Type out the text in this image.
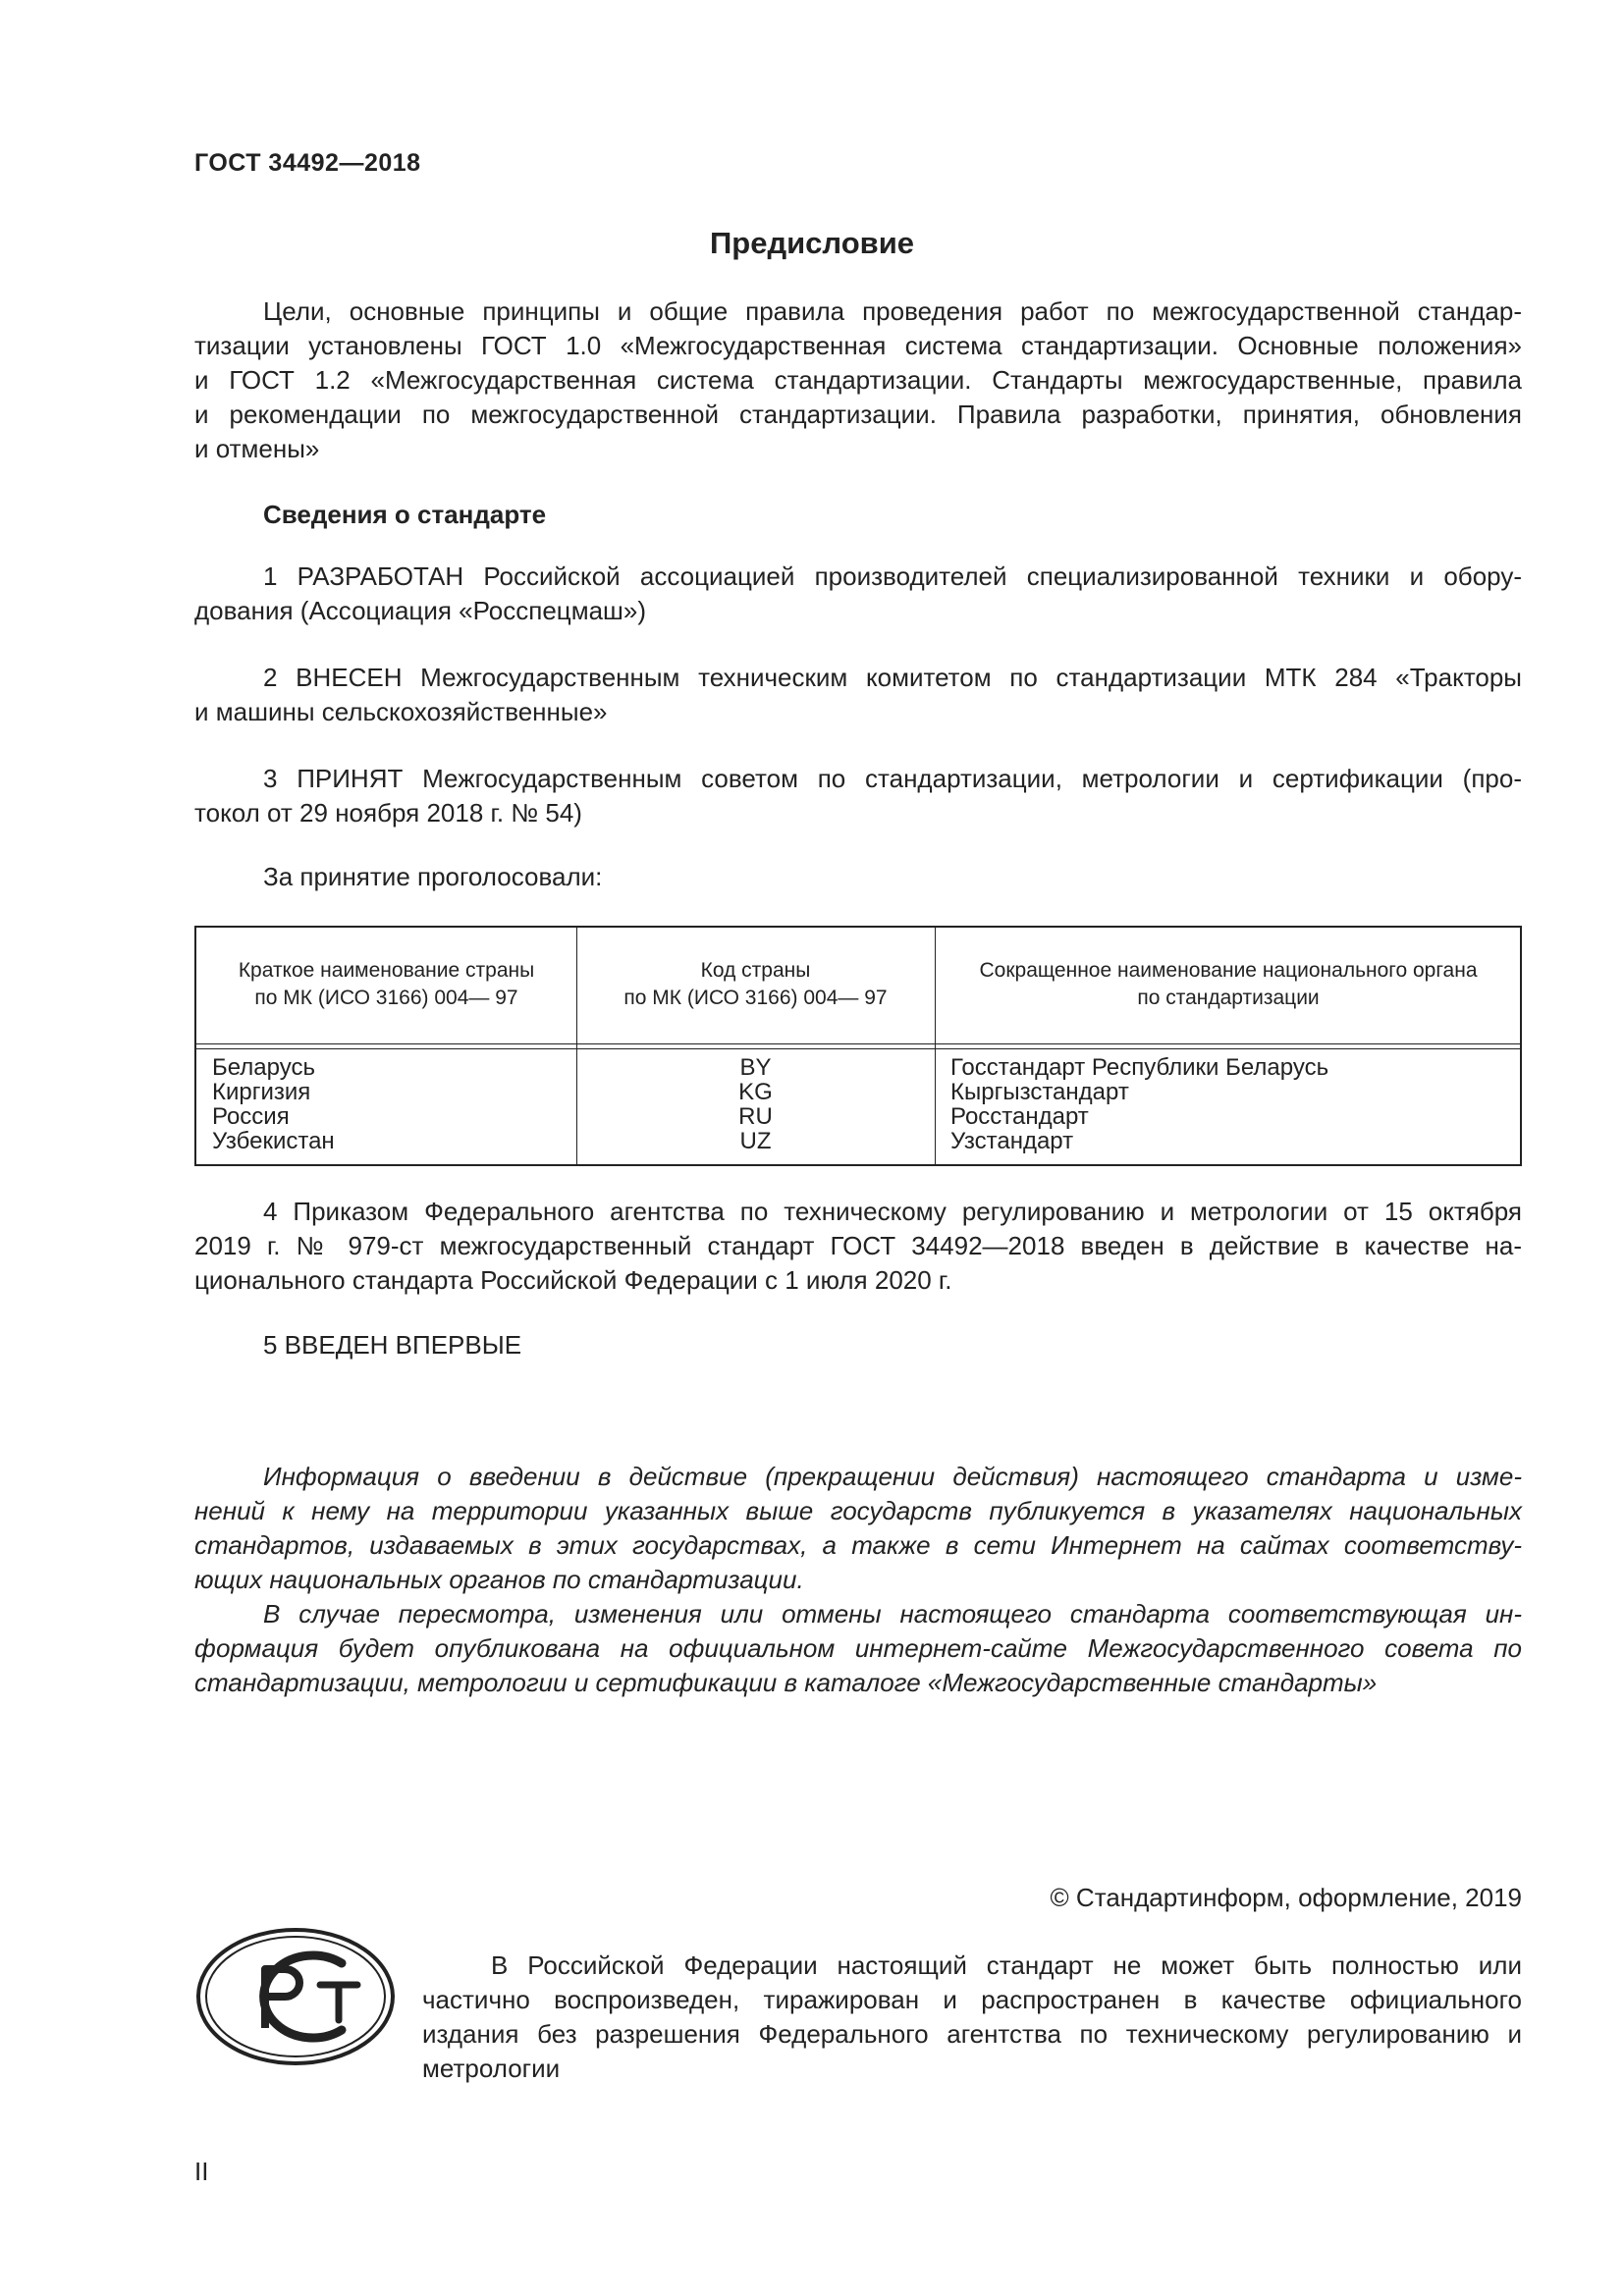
ГОСТ 34492—2018

Предисловие
Цели, основные принципы и общие правила проведения работ по межгосударственной стандар-
тизации установлены ГОСТ 1.0 «Межгосударственная система стандартизации. Основные положения»
и ГОСТ 1.2 «Межгосударственная система стандартизации. Стандарты межгосударственные, правила
и рекомендации по межгосударственной стандартизации. Правила разработки, принятия, обновления
и отмены»

Сведения о стандарте

1 РАЗРАБОТАН Российской ассоциацией производителей специализированной техники и обору-
дования (Ассоциация «Росспецмаш»)
2 ВНЕСЕН Межгосударственным техническим комитетом по стандартизации МТК 284 «Тракторы
и машины сельскохозяйственные»
3 ПРИНЯТ Межгосударственным советом по стандартизации, метрологии и сертификации (про-
токол от 29 ноября 2018 г. № 54)

За принятие проголосовали:

Краткое наименование страны
по МК (ИСО 3166) 004— 97
Код страны
по МК (ИСО 3166) 004— 97
Сокращенное наименование национального органа
по стандартизации
Беларусь
Киргизия
Россия
Узбекистан
BY
KG
RU
UZ
Госстандарт Республики Беларусь
Кыргызстандарт
Росстандарт
Узстандарт
4 Приказом Федерального агентства по техническому регулированию и метрологии от 15 октября
2019 г. № 979-ст межгосударственный стандарт ГОСТ 34492—2018 введен в действие в качестве на-
ционального стандарта Российской Федерации с 1 июля 2020 г.

5 ВВЕДЕН ВПЕРВЫЕ

Информация о введении в действие (прекращении действия) настоящего стандарта и изме-
нений к нему на территории указанных выше государств публикуется в указателях национальных
стандартов, издаваемых в этих государствах, а также в сети Интернет на сайтах соответству-
ющих национальных органов по стандартизации.
В случае пересмотра, изменения или отмены настоящего стандарта соответствующая ин-
формация будет опубликована на официальном интернет-сайте Межгосударственного совета по
стандартизации, метрологии и сертификации в каталоге «Межгосударственные стандарты»

© Стандартинформ, оформление, 2019

В Российской Федерации настоящий стандарт не может быть полностью или
частично воспроизведен, тиражирован и распространен в качестве официального
издания без разрешения Федерального агентства по техническому регулированию и
метрологии

II
